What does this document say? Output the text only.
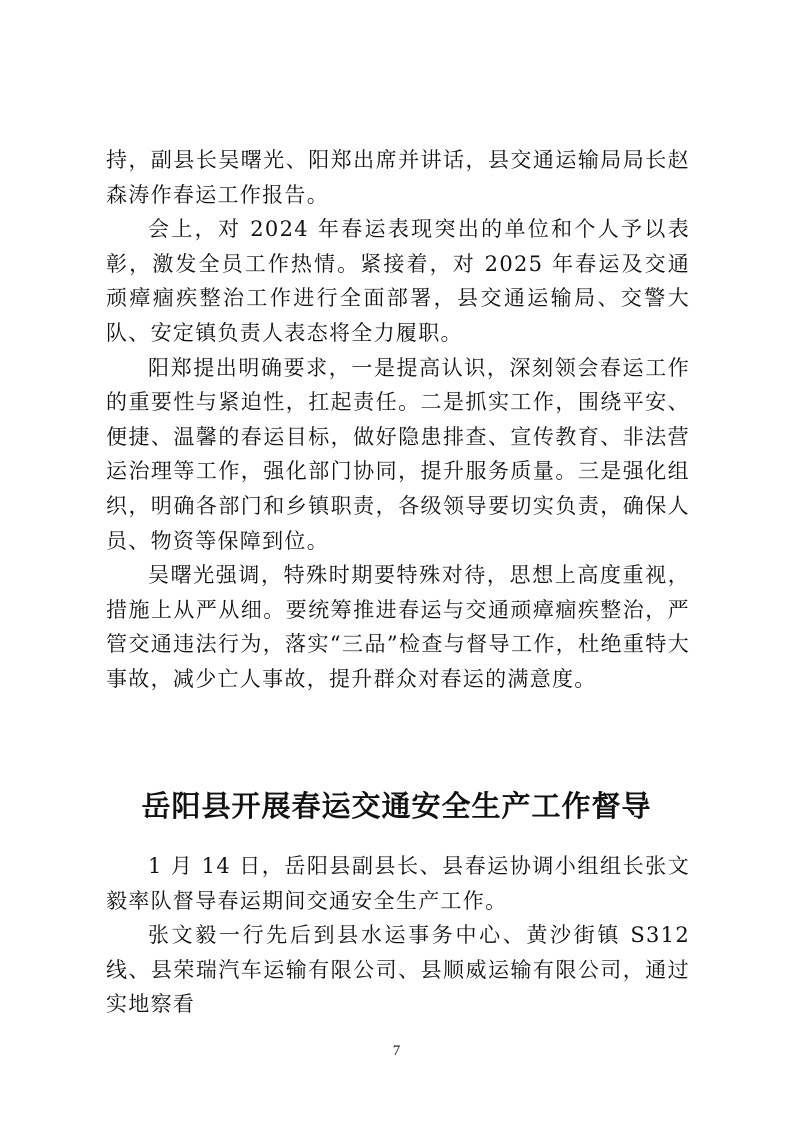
持，副县长吴曙光、阳郑出席并讲话，县交通运输局局长赵森涛作春运工作报告。

会上，对 2024 年春运表现突出的单位和个人予以表彰，激发全员工作热情。紧接着，对 2025 年春运及交通顽瘴痼疾整治工作进行全面部署，县交通运输局、交警大队、安定镇负责人表态将全力履职。

阳郑提出明确要求，一是提高认识，深刻领会春运工作的重要性与紧迫性，扛起责任。二是抓实工作，围绕平安、便捷、温馨的春运目标，做好隐患排查、宣传教育、非法营运治理等工作，强化部门协同，提升服务质量。三是强化组织，明确各部门和乡镇职责，各级领导要切实负责，确保人员、物资等保障到位。

吴曙光强调，特殊时期要特殊对待，思想上高度重视，措施上从严从细。要统筹推进春运与交通顽瘴痼疾整治，严管交通违法行为，落实“三品”检查与督导工作，杜绝重特大事故，减少亡人事故，提升群众对春运的满意度。

岳阳县开展春运交通安全生产工作督导

1 月 14 日，岳阳县副县长、县春运协调小组组长张文毅率队督导春运期间交通安全生产工作。

张文毅一行先后到县水运事务中心、黄沙街镇 S312 线、县荣瑞汽车运输有限公司、县顺威运输有限公司，通过实地察看

7
